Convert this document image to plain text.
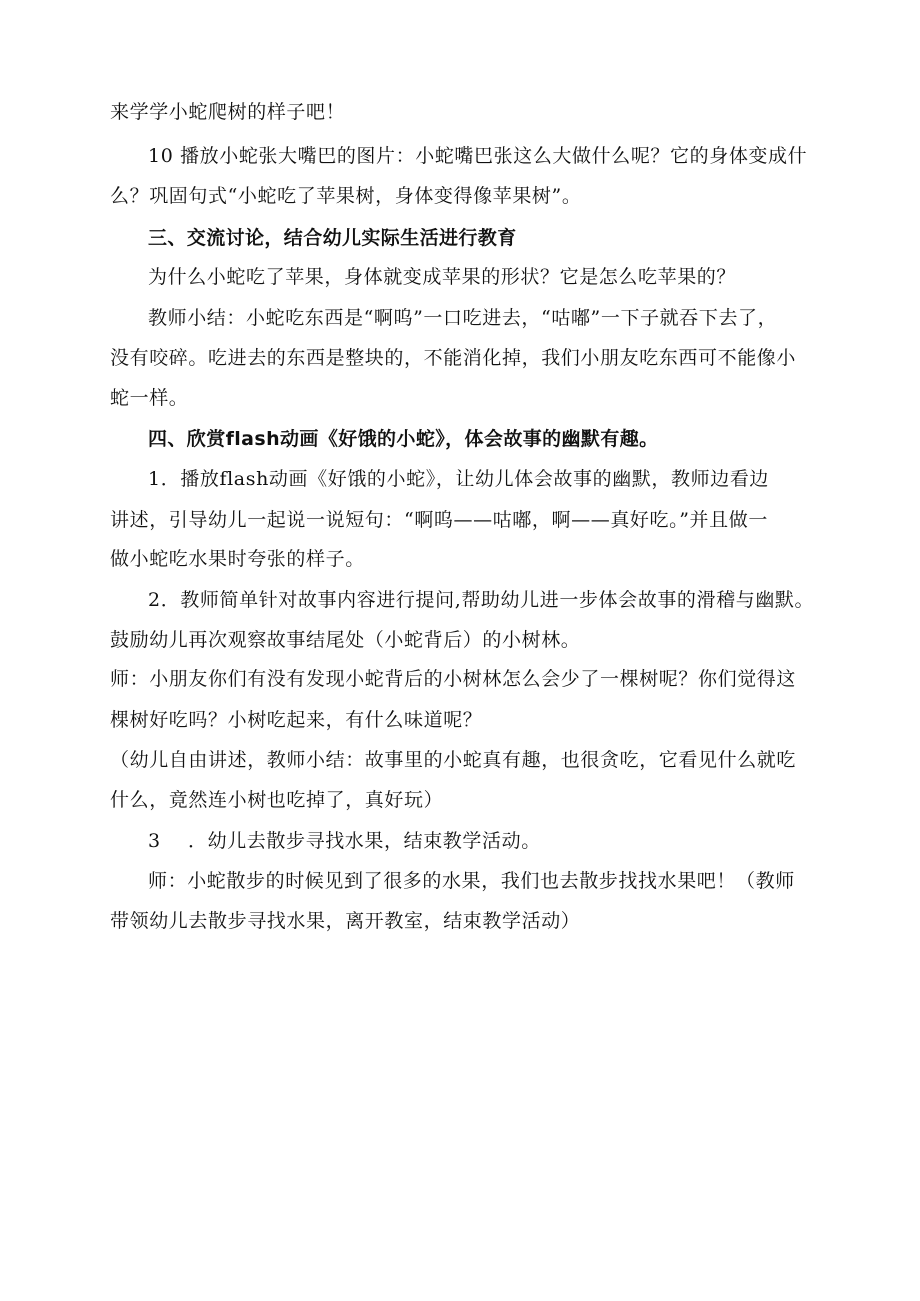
来学学小蛇爬树的样子吧！
10 播放小蛇张大嘴巴的图片：小蛇嘴巴张这么大做什么呢？它的身体变成什
么？巩固句式“小蛇吃了苹果树，身体变得像苹果树”。
三、交流讨论，结合幼儿实际生活进行教育
为什么小蛇吃了苹果，身体就变成苹果的形状？它是怎么吃苹果的？
教师小结：小蛇吃东西是“啊呜”一口吃进去，“咕嘟”一下子就吞下去了，
没有咬碎。吃进去的东西是整块的，不能消化掉，我们小朋友吃东西可不能像小
蛇一样。
四、欣赏flash动画《好饿的小蛇》，体会故事的幽默有趣。
1．播放flash动画《好饿的小蛇》，让幼儿体会故事的幽默，教师边看边
讲述，引导幼儿一起说一说短句：“啊呜——咕嘟，啊——真好吃。”并且做一
做小蛇吃水果时夸张的样子。
2．教师简单针对故事内容进行提问,帮助幼儿进一步体会故事的滑稽与幽默。
鼓励幼儿再次观察故事结尾处（小蛇背后）的小树林。
师：小朋友你们有没有发现小蛇背后的小树林怎么会少了一棵树呢？你们觉得这
棵树好吃吗？小树吃起来，有什么味道呢？
（幼儿自由讲述，教师小结：故事里的小蛇真有趣，也很贪吃，它看见什么就吃
什么，竟然连小树也吃掉了，真好玩）
3 ．幼儿去散步寻找水果，结束教学活动。
师：小蛇散步的时候见到了很多的水果，我们也去散步找找水果吧！（教师
带领幼儿去散步寻找水果，离开教室，结束教学活动）
